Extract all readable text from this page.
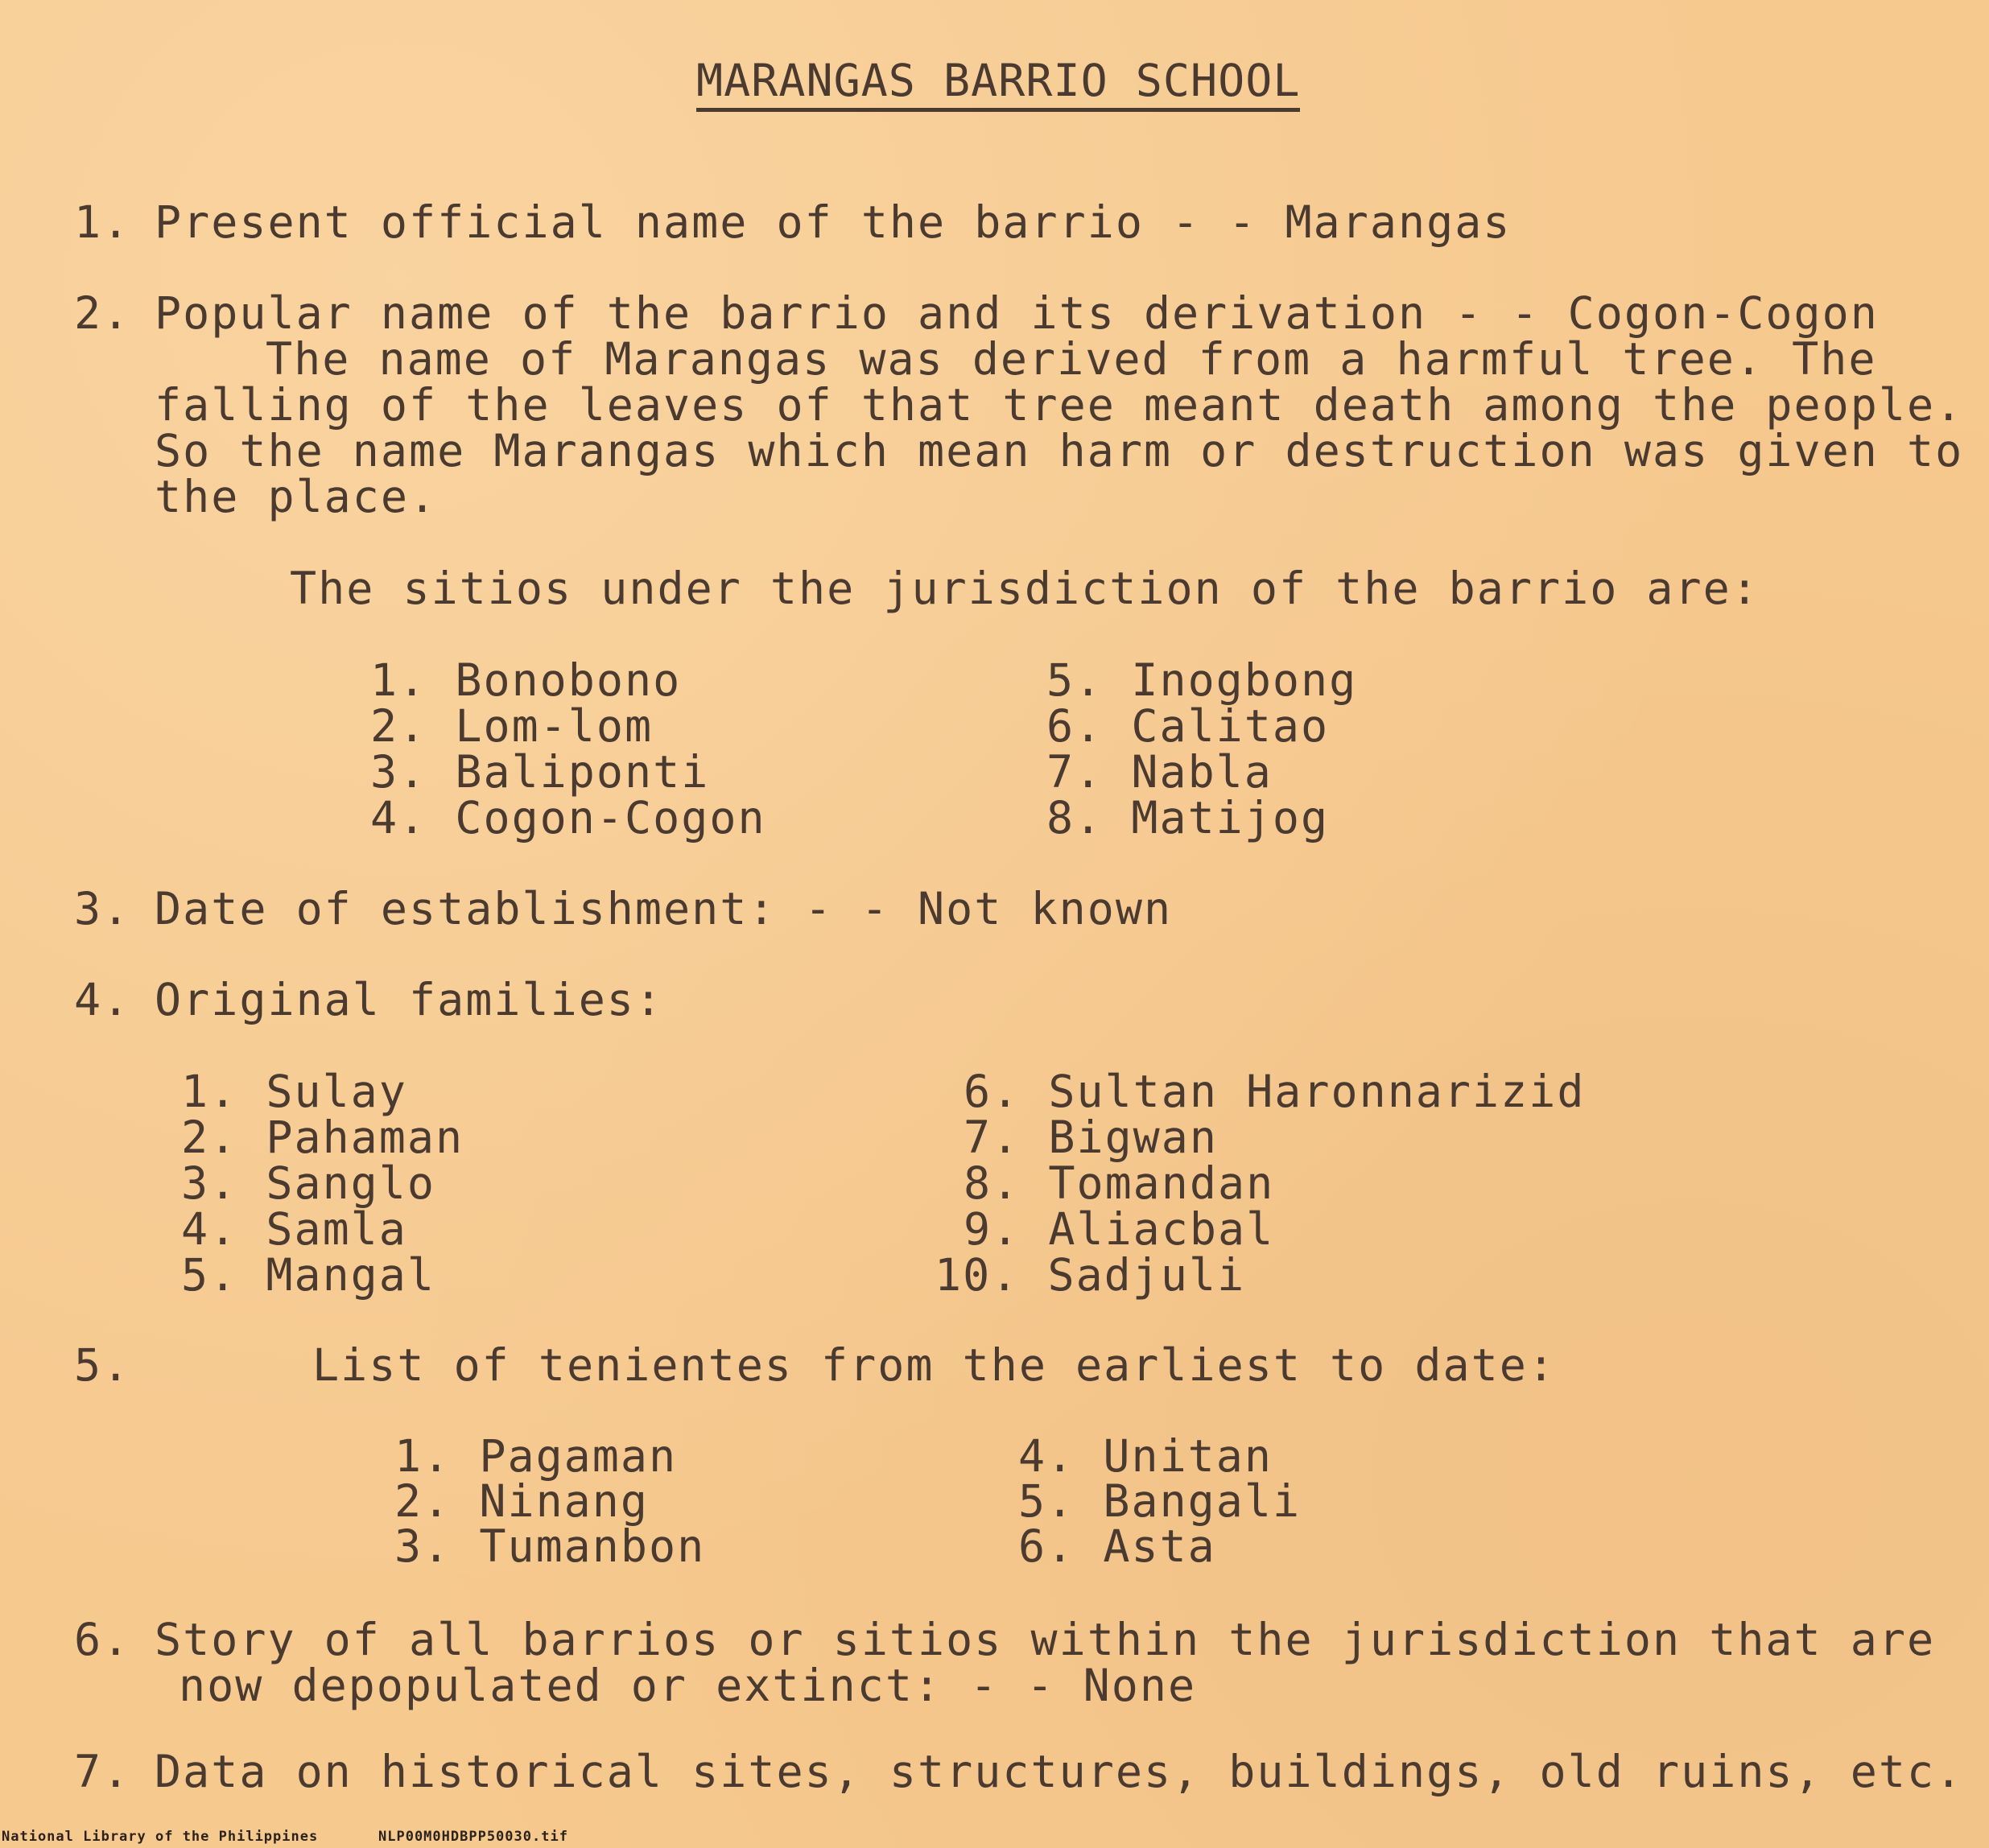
MARANGAS BARRIO SCHOOL
1. Present official name of the barrio - - Marangas
2. Popular name of the barrio and its derivation - - Cogon-Cogon
The name of Marangas was derived from a harmful tree. The
falling of the leaves of that tree meant death among the people.
So the name Marangas which mean harm or destruction was given to
the place.
The sitios under the jurisdiction of the barrio are:
1. Bonobono
2. Lom-lom
3. Baliponti
4. Cogon-Cogon
5. Inogbong
6. Calitao
7. Nabla
8. Matijog
3. Date of establishment: - - Not known
4. Original families:
1. Sulay
2. Pahaman
3. Sanglo
4. Samla
5. Mangal
6. Sultan Haronnarizid
7. Bigwan
8. Tomandan
9. Aliacbal
10. Sadjuli
5.	List of tenientes from the earliest to date:
1. Pagaman
2. Ninang
3. Tumanbon
4. Unitan
5. Bangali
6. Asta
6. Story of all barrios or sitios within the jurisdiction that are
now depopulated or extinct: - - None
7. Data on historical sites, structures, buildings, old ruins, etc.
National Library of the Philippines	NLP00M0HDBPP50030.tif
